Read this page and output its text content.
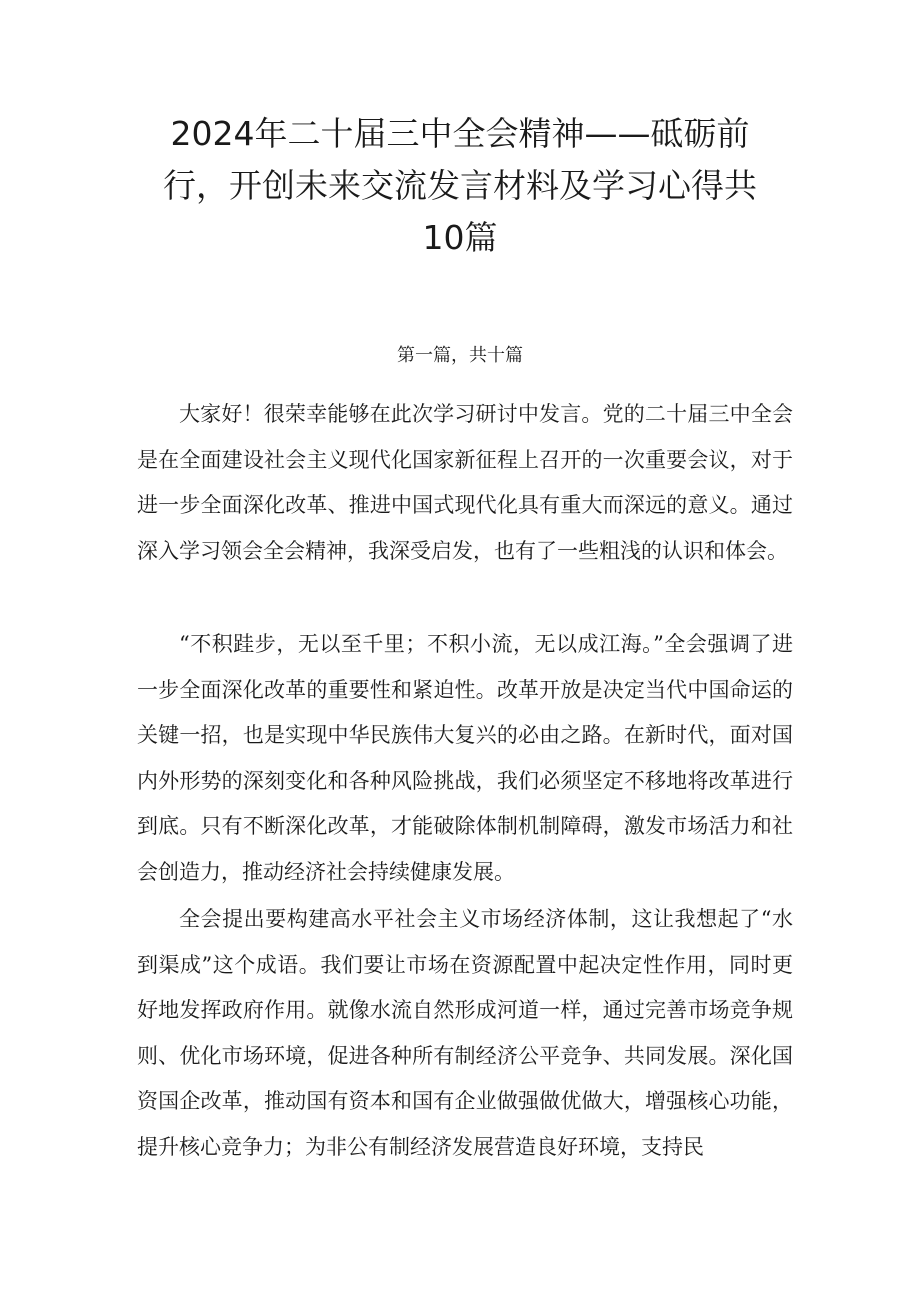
2024年二十届三中全会精神——砥砺前
行，开创未来交流发言材料及学习心得共
10篇
第一篇，共十篇

大家好！很荣幸能够在此次学习研讨中发言。党的二十届三中全会是在全面建设社会主义现代化国家新征程上召开的一次重要会议，对于进一步全面深化改革、推进中国式现代化具有重大而深远的意义。通过深入学习领会全会精神，我深受启发，也有了一些粗浅的认识和体会。

“不积跬步，无以至千里；不积小流，无以成江海。”全会强调了进一步全面深化改革的重要性和紧迫性。改革开放是决定当代中国命运的关键一招，也是实现中华民族伟大复兴的必由之路。在新时代，面对国内外形势的深刻变化和各种风险挑战，我们必须坚定不移地将改革进行到底。只有不断深化改革，才能破除体制机制障碍，激发市场活力和社会创造力，推动经济社会持续健康发展。

全会提出要构建高水平社会主义市场经济体制，这让我想起了“水到渠成”这个成语。我们要让市场在资源配置中起决定性作用，同时更好地发挥政府作用。就像水流自然形成河道一样，通过完善市场竞争规则、优化市场环境，促进各种所有制经济公平竞争、共同发展。深化国资国企改革，推动国有资本和国有企业做强做优做大，增强核心功能，提升核心竞争力；为非公有制经济发展营造良好环境，支持民
